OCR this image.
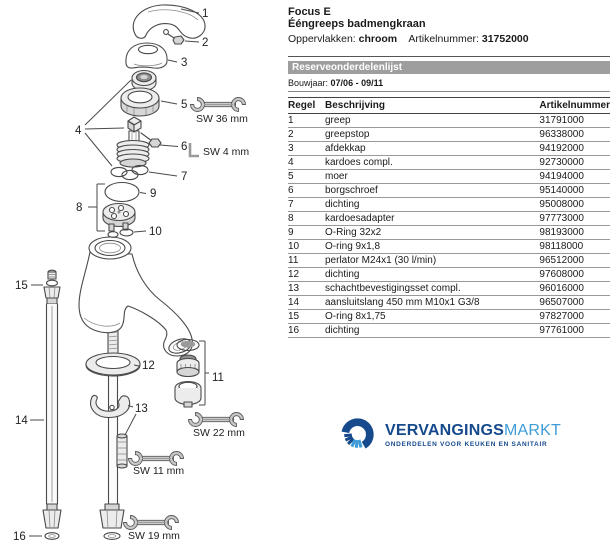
1
2
3
4
5
6
7
8
9
10
11
12
13
14
15
16
SW 36 mm
SW 4 mm
SW 22 mm
SW 11 mm
SW 19 mm
Focus E
Ééngreeps badmengkraan
Oppervlakken: chroom Artikelnummer: 31752000
Reserveonderdelenlijst
Bouwjaar: 07/06 - 09/11
Regel	Beschrijving	Artikelnummer
1	greep	31791000
2	greepstop	96338000
3	afdekkap	94192000
4	kardoes compl.	92730000
5	moer	94194000
6	borgschroef	95140000
7	dichting	95008000
8	kardoesadapter	97773000
9	O-Ring 32x2	98193000
10	O-ring 9x1,8	98118000
11	perlator M24x1 (30 l/min)	96512000
12	dichting	97608000
13	schachtbevestigingsset compl.	96016000
14	aansluitslang 450 mm M10x1 G3/8	96507000
15	O-ring 8x1,75	97827000
16	dichting	97761000
VERVANGINGSMARKT
ONDERDELEN VOOR KEUKEN EN SANITAIR
